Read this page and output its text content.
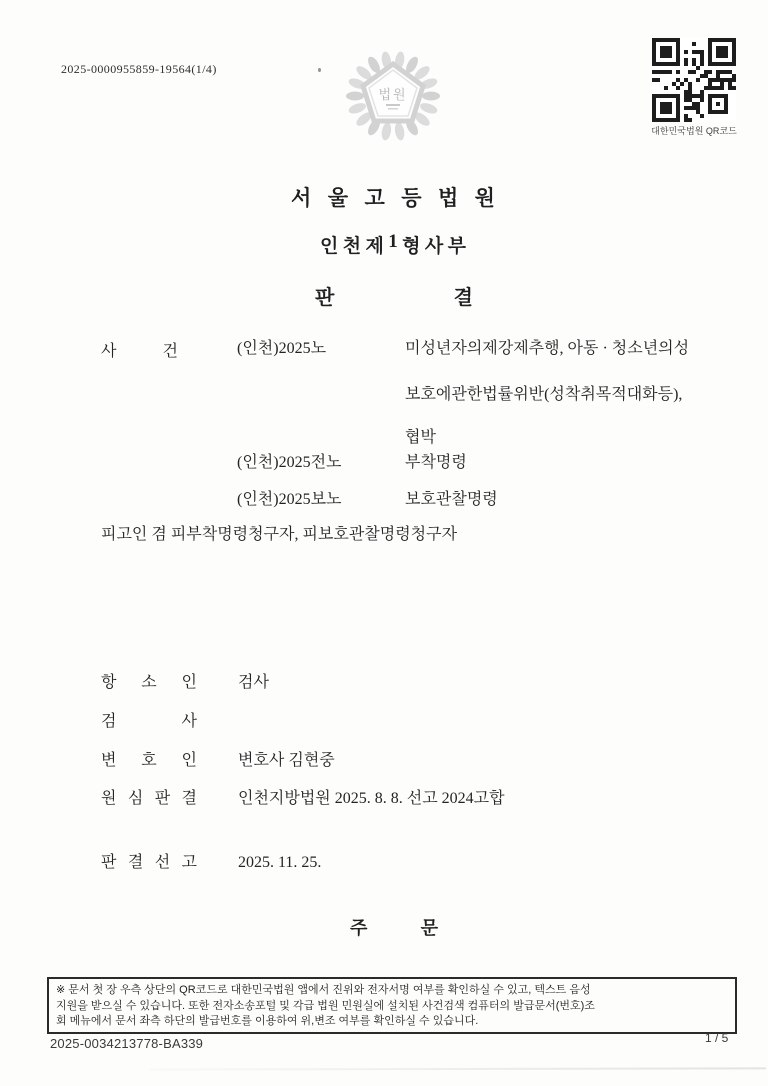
2025-0000955859-19564(1/4)
법원
대한민국법원 QR코드
서 울 고 등 법 원
인 천 제 1 형 사 부
판	결
사	건	(인천)2025노	미성년자의제강제추행, 아동 · 청소년의성
보호에관한법률위반(성착취목적대화등),
협박
(인천)2025전노	부착명령
(인천)2025보노	보호관찰명령
피고인 겸 피부착명령청구자, 피보호관찰명령청구자
항 소 인	검사
검	사
변 호 인	변호사 김현중
원 심 판 결	인천지방법원 2025. 8. 8. 선고 2024고합
판 결 선 고	2025. 11. 25.
주	문
※ 문서 첫 장 우측 상단의 QR코드로 대한민국법원 앱에서 진위와 전자서명 여부를 확인하실 수 있고, 텍스트 음성
지원을 받으실 수 있습니다. 또한 전자소송포털 및 각급 법원 민원실에 설치된 사건검색 컴퓨터의 발급문서(번호)조
회 메뉴에서 문서 좌측 하단의 발급번호를 이용하여 위,변조 여부를 확인하실 수 있습니다.
2025-0034213778-BA339	1 / 5
